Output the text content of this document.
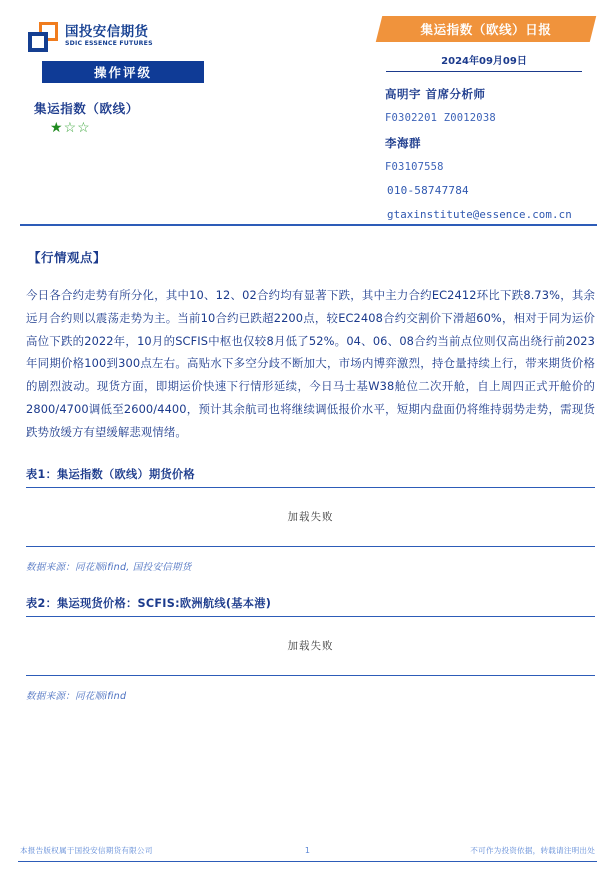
国投安信期货
SDIC ESSENCE FUTURES
操作评级
集运指数（欧线）
★☆☆
集运指数（欧线）日报
2024年09月09日
高明宇 首席分析师
F0302201 Z0012038
李海群
F03107558
010-58747784
gtaxinstitute@essence.com.cn
【行情观点】
今日各合约走势有所分化，其中10、12、02合约均有显著下跌，其中主力合约EC2412环比下跌8.73%，其余远月合约则以震荡走势为主。当前10合约已跌超2200点，较EC2408合约交割价下滑超60%，相对于同为运价高位下跌的2022年，10月的SCFIS中枢也仅较8月低了52%。04、06、08合约当前点位则仅高出绕行前2023年同期价格100到300点左右。高贴水下多空分歧不断加大，市场内博弈激烈，持仓量持续上行，带来期货价格的剧烈波动。现货方面，即期运价快速下行情形延续，今日马士基W38舱位二次开舱，自上周四正式开舱价的2800/4700调低至2600/4400，预计其余航司也将继续调低报价水平，短期内盘面仍将维持弱势走势，需现货跌势放缓方有望缓解悲观情绪。
表1：集运指数（欧线）期货价格
加载失败
数据来源：同花顺ifind, 国投安信期货
表2：集运现货价格：SCFIS:欧洲航线(基本港)
加载失败
数据来源：同花顺ifind
本报告版权属于国投安信期货有限公司	1	不可作为投资依据，转载请注明出处
